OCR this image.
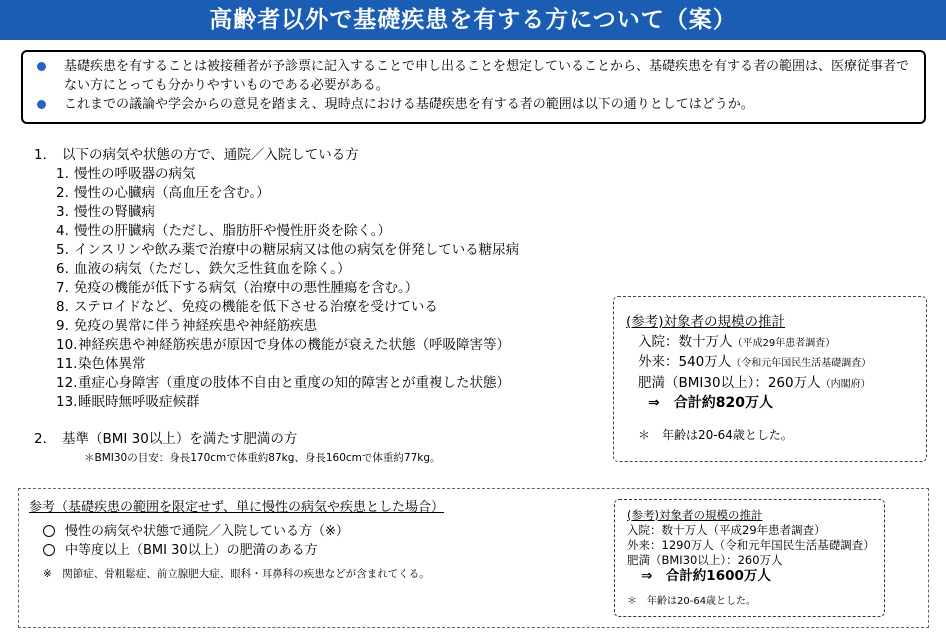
高齢者以外で基礎疾患を有する方について（案）
基礎疾患を有することは被接種者が予診票に記入することで申し出ることを想定していることから、基礎疾患を有する者の範囲は、医療従事者でない方にとっても分かりやすいものである必要がある。
これまでの議論や学会からの意見を踏まえ、現時点における基礎疾患を有する者の範囲は以下の通りとしてはどうか。
1.	以下の病気や状態の方で、通院／入院している方
1. 慢性の呼吸器の病気
2. 慢性の心臓病（高血圧を含む。）
3. 慢性の腎臓病
4. 慢性の肝臓病（ただし、脂肪肝や慢性肝炎を除く。）
5. インスリンや飲み薬で治療中の糖尿病又は他の病気を併発している糖尿病
6. 血液の病気（ただし、鉄欠乏性貧血を除く。）
7. 免疫の機能が低下する病気（治療中の悪性腫瘍を含む。）
8. ステロイドなど、免疫の機能を低下させる治療を受けている
9. 免疫の異常に伴う神経疾患や神経筋疾患
10. 神経疾患や神経筋疾患が原因で身体の機能が衰えた状態（呼吸障害等）
11. 染色体異常
12. 重症心身障害（重度の肢体不自由と重度の知的障害とが重複した状態）
13. 睡眠時無呼吸症候群
2.	基準（BMI 30以上）を満たす肥満の方
＊BMI30の目安：身長170cmで体重約87kg、身長160cmで体重約77kg。
(参考)対象者の規模の推計
入院：数十万人（平成29年患者調査）
外来：540万人（令和元年国民生活基礎調査）
肥満（BMI30以上）：260万人（内閣府）
⇒　合計約820万人
＊　年齢は20-64歳とした。
参考（基礎疾患の範囲を限定せず、単に慢性の病気や疾患とした場合）
慢性の病気や状態で通院／入院している方（※）
中等度以上（BMI 30以上）の肥満のある方
※　関節症、骨粗鬆症、前立腺肥大症、眼科・耳鼻科の疾患などが含まれてくる。
(参考)対象者の規模の推計
入院：数十万人（平成29年患者調査）
外来：1290万人（令和元年国民生活基礎調査）
肥満（BMI30以上）：260万人
⇒　合計約1600万人
＊　年齢は20-64歳とした。
